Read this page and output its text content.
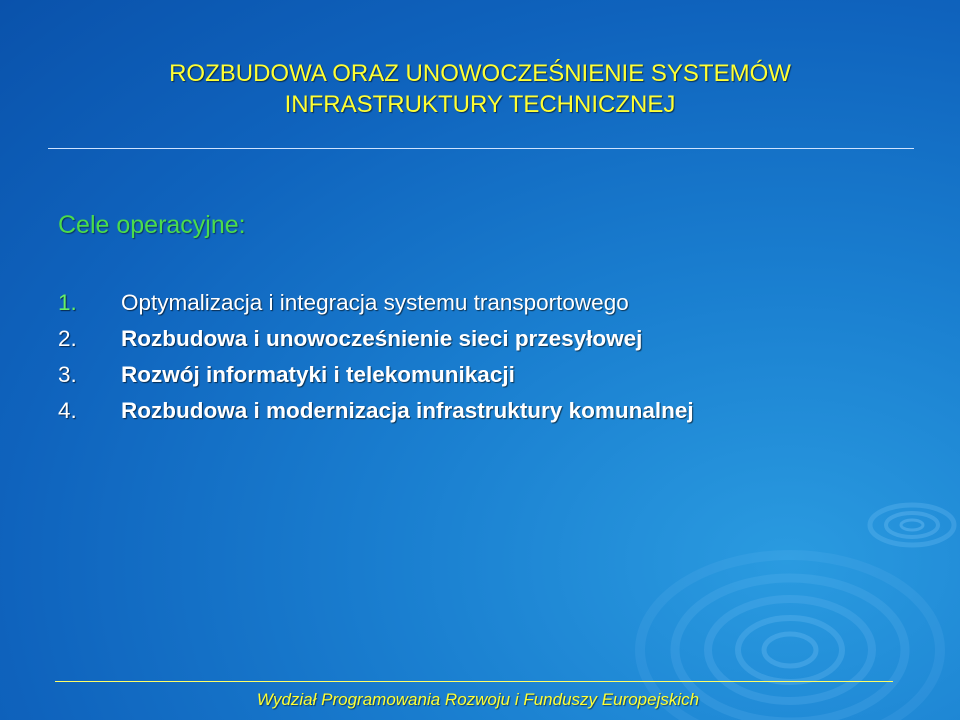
ROZBUDOWA ORAZ UNOWOCZEŚNIENIE SYSTEMÓW
INFRASTRUKTURY TECHNICZNEJ
Cele operacyjne:
1. Optymalizacja i integracja systemu transportowego
2. Rozbudowa i unowocześnienie sieci przesyłowej
3. Rozwój informatyki i telekomunikacji
4. Rozbudowa i modernizacja infrastruktury komunalnej
Wydział Programowania Rozwoju i Funduszy Europejskich
